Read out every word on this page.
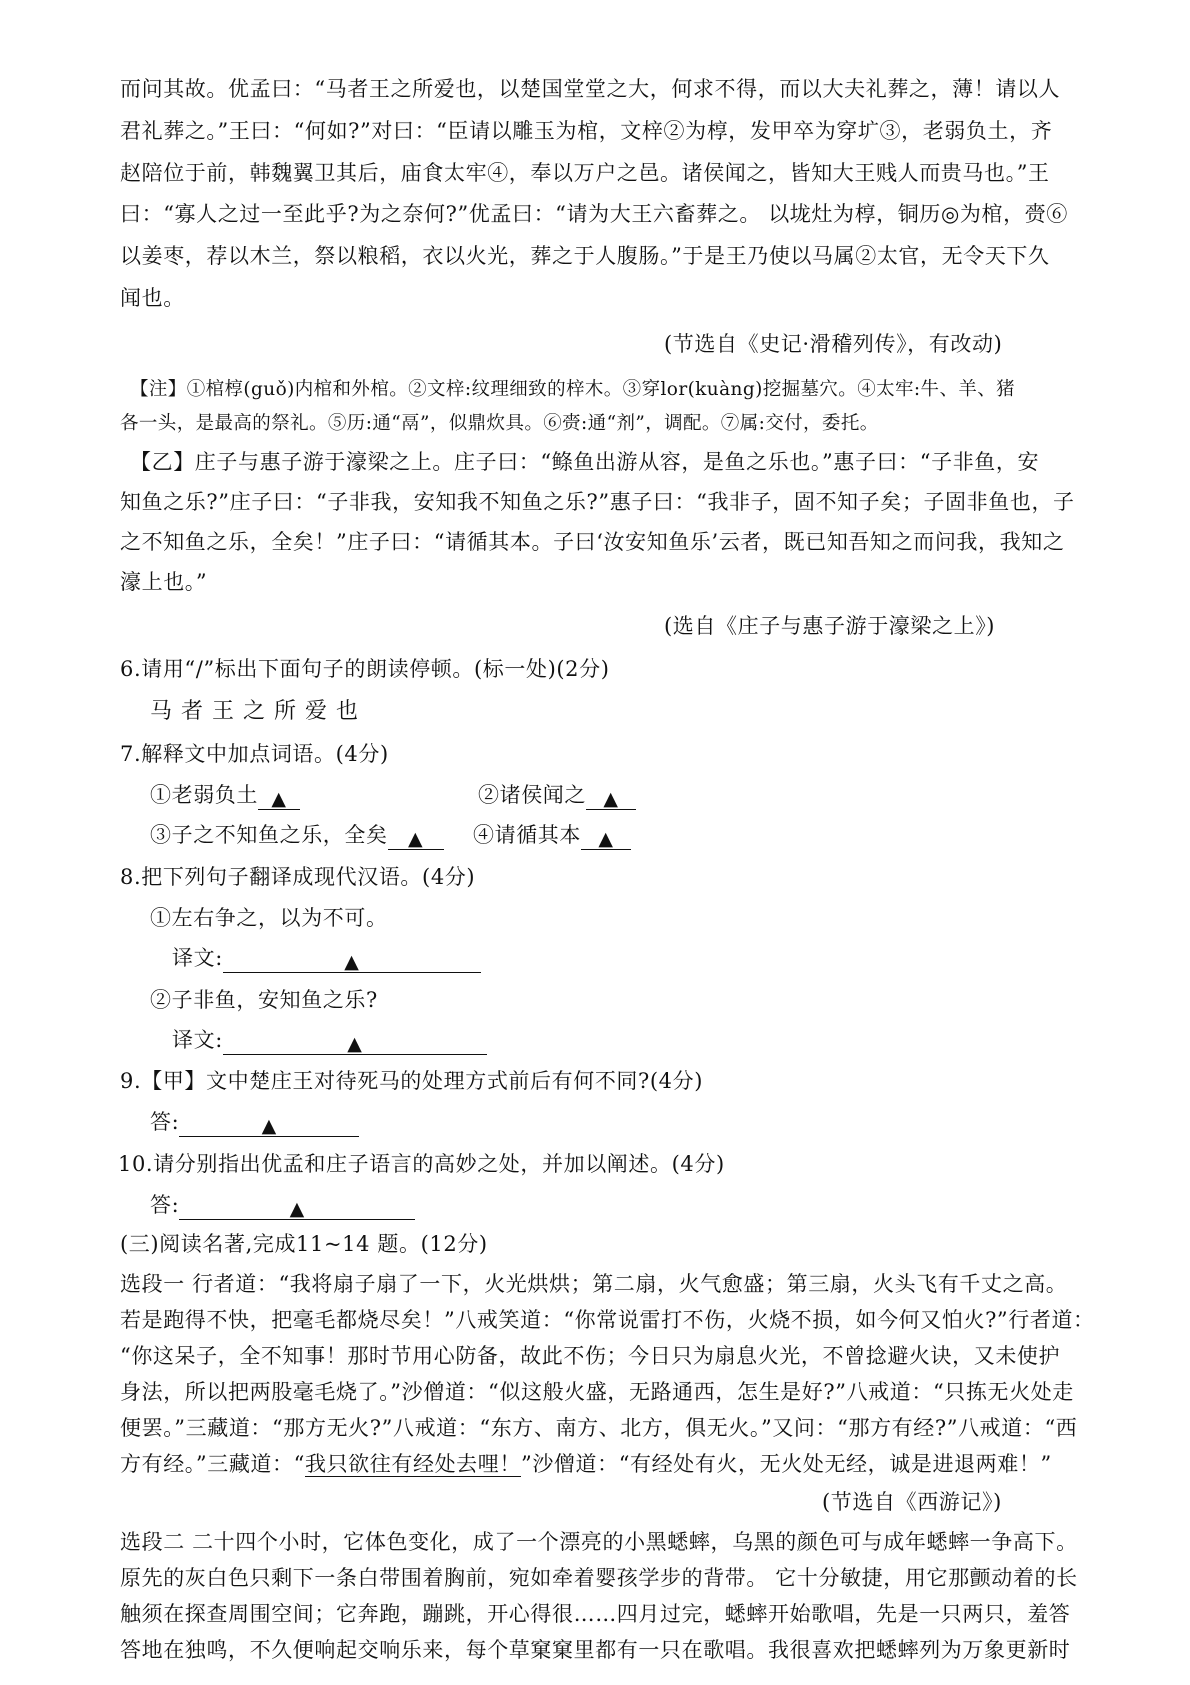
而问其故。优孟曰：“马者王之所爱也，以楚国堂堂之大，何求不得，而以大夫礼葬之，薄！请以人
君礼葬之。”王曰：“何如?”对曰：“臣请以雕玉为棺，文梓②为椁，发甲卒为穿圹③，老弱负土，齐
赵陪位于前，韩魏翼卫其后，庙食太牢④，奉以万户之邑。诸侯闻之，皆知大王贱人而贵马也。”王
曰：“寡人之过一至此乎?为之奈何?”优孟曰：“请为大王六畜葬之。 以垅灶为椁，铜历◎为棺，赍⑥
以姜枣，荐以木兰，祭以粮稻，衣以火光，葬之于人腹肠。”于是王乃使以马属②太官，无令天下久
闻也。
(节选自《史记·滑稽列传》，有改动)
【注】①棺椁(guǒ)内棺和外棺。②文梓:纹理细致的梓木。③穿lor(kuàng)挖掘墓穴。④太牢:牛、羊、猪
各一头，是最高的祭礼。⑤历:通“鬲”，似鼎炊具。⑥赍:通“剂”，调配。⑦属:交付，委托。
【乙】庄子与惠子游于濠梁之上。庄子曰：“鲦鱼出游从容，是鱼之乐也。”惠子曰：“子非鱼，安
知鱼之乐?”庄子曰：“子非我，安知我不知鱼之乐?”惠子曰：“我非子，固不知子矣；子固非鱼也，子
之不知鱼之乐，全矣！”庄子曰：“请循其本。子曰‘汝安知鱼乐’云者，既已知吾知之而问我，我知之
濠上也。”
(选自《庄子与惠子游于濠梁之上》)
6.请用“/”标出下面句子的朗读停顿。(标一处)(2分)
马者王之所爱也
7.解释文中加点词语。(4分)
①老弱负土 ▲	②诸侯闻之 ▲
③子之不知鱼之乐，全矣 ▲	④请循其本 ▲
8.把下列句子翻译成现代汉语。(4分)
①左右争之，以为不可。
译文:	▲
②子非鱼，安知鱼之乐?
译文:	▲
9.【甲】文中楚庄王对待死马的处理方式前后有何不同?(4分)
答:	▲
10.请分别指出优孟和庄子语言的高妙之处，并加以阐述。(4分)
答:	▲
(三)阅读名著,完成11~14 题。(12分)
选段一 行者道：“我将扇子扇了一下，火光烘烘；第二扇，火气愈盛；第三扇，火头飞有千丈之高。
若是跑得不快，把毫毛都烧尽矣！”八戒笑道：“你常说雷打不伤，火烧不损，如今何又怕火?”行者道：
“你这呆子，全不知事！那时节用心防备，故此不伤；今日只为扇息火光，不曾捻避火诀，又未使护
身法，所以把两股毫毛烧了。”沙僧道：“似这般火盛，无路通西，怎生是好?”八戒道：“只拣无火处走
便罢。”三藏道：“那方无火?”八戒道：“东方、南方、北方，俱无火。”又问：“那方有经?”八戒道：“西
方有经。”三藏道：“我只欲往有经处去哩！”沙僧道：“有经处有火，无火处无经，诚是进退两难！”
(节选自《西游记》)
选段二 二十四个小时，它体色变化，成了一个漂亮的小黑蟋蟀，乌黑的颜色可与成年蟋蟀一争高下。
原先的灰白色只剩下一条白带围着胸前，宛如牵着婴孩学步的背带。 它十分敏捷，用它那颤动着的长
触须在探查周围空间；它奔跑，蹦跳，开心得很……四月过完，蟋蟀开始歌唱，先是一只两只，羞答
答地在独鸣，不久便响起交响乐来，每个草窠窠里都有一只在歌唱。我很喜欢把蟋蟀列为万象更新时
